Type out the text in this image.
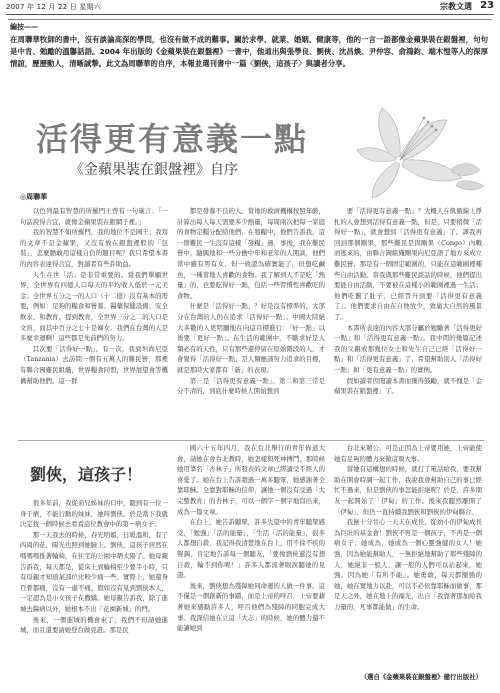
2007 年 12 月 22 日 星期六	宗教文選 23
編按——
在周聯華牧師的書中，沒有談論高深的學問，也沒有做不成的難事。關於求學、就業、婚姻、健康等，他的一言一語都像金蘋果裝在銀盤裡，句句是中肯、勉勵的溫馨話語。2004 年出版的《金蘋果裝在銀盤裡》一書中，他道出與張學良、劉俠、沈昌煥、尹仲容、俞鴻鈞、端木愷等人的深厚情誼，歷歷動人，清晰誠摯。此文為周聯華的自序，本報並選刊書中一篇〈劉俠，這孩子〉與讀者分享。
活得更有意義一點
《金蘋果裝在銀盤裡》自序
◎周聯華

以色列最有智慧的所羅門王曾有一句箴言：「一句話說得合宜，就像金蘋果裝在銀網子裡。」

我的智慧不如所羅門，我的地位不是國王；我寫的文章不是金蘋果，又沒有放在銀盤裡般的「包裝」，怎麼膽敢用這樣自負的題目呢？我只希望本書的內容表達得合宜，對讀者有些許助益。

人生在世「活」是非常重要的。當我們單顧世界，全世界有四億人口每天的平均收入低於一元美金；全世界五分之一的人口（十二億）沒有基本的需要，例如：足夠的糧食和營養、醫藥保健設備、安全飲水、和教育。提到教育，全世界三分之二的人口是文盲，而其中百分之七十是婦女。我們在台灣的人是多麼幸運啊！這些都是先前們的努力。

其次要「活得好一點」。有一次，我到坦尚尼亞（Tanzania）去訪問一個有五萬人的難民營，那裡有聯合國難民組織，世界糧食同盟，世界展望會等機構幫助他們。這一群

都是發養不良的人。當地的救濟機構按照年齡，計算出每人每天需要多少熱量，每周兩次把每一家庭的食物定糧分配給他們，在發糧中，他們告訴我，這一群難民一生沒有這樣「發糧」過，事後，我在難民營中，隨興地和一些分擔中年和老年的人閒談，他們當中雖有男有女，但一致認為確實能了，但想吃鹹魚，一種當地人喜歡的食物。我了解到人不是吃「熱量」的，也要吃得好一點，包括一些習慣性喜歡吃的食物。

什麼是「活得好一點」？好是沒有標準的，大部分在台灣的人仍在追求「活得好一點」；中國大陸絕大多數的人更明顯地在向這目標進行：「好一點」以後要「更好一點」。在生活的範圍中，不斷求好是人類必有的天性，只有那些還停留在原始階段的人，才會覺得「活得好一點」是人類應該努力追求的目標，就是那時大家都有「新」的表現。

第三是「活得更有意義一點」。第二和第三常是分不清的，到底什麼時候人開始想到

要「活得更有意義一點」？大概人在飢餓線上掙扎的人會想到活得有意義一點，但是，只要稍微「活得好一點」，就會想到「活得更有意義」了。譯我再回到那個剛果，那些難民是因剛果（Congo）內戰而逃來的，由聯合國組織剛果向尼亞語了地方來成立難民營；那是有一個固定範圍的，只能在這範圍裡種些自由活動。當我與那些難民談話的時候，他們提出要能自由活動，不要被在這樣小的範圍裡過一生活；他們吃飽了肚子，已經晉升到要「活得更有意義了」。他們要求自由在自他放少，致廣大自然的風景了。

本書所表達的內容大部分屬於勉勵著「活得更好一點」和「活得更有意義一點」。我中間的幾篇記述我的父親或那幾位女士和先生自己已經「活得好一點」和「活得更有意義」了，希望幫助別人「活得好一點」和「更有意義一點」的實例。

假如讀者因閱讀本書而獲得鼓勵，就不愧是「金蘋果裝在銀盤裡」了。

劉俠，這孩子！

很多年前，我從弟兄姊妹的口中，聽到有一位一身千瘡，不能行動的妹妹，她叫劉俠。於是當下我就決定找一個時候去看看這位教會中的第一病女子。

那一天我去的時候，春光明媚，日暖溫和，有了四周的花，陽光也照到她臉上。劉俠，這孩子居然在嗎嗎嗎推著輪椅，在住宅的公園中晒太陽了。她母親告訴我，每天都是，從床上到輪椅至少要半小時，只有母親才知道某部位比較少痛一些。實際上，她還身百骨都痛，沒有一處不痛。假如沒有見到劉俠本人，一定認為是小女孩子在撒嬌。她母親告訴我，除了進城去醫病以外，她根本不出「花園新城」的門。

後來，一個進城的機會來了，我們不但請她進城，而且還要請她登台做見證。那是民

國六十五年四月，我在台北舉行的青年佈道大會，請她在會台北教時，她怎樣與死神搏鬥，那時候她用筆名「杏林子」所發表的文章已經讀受不經人的喜愛了。她在台上告訴超過一萬多聽眾，她感謝著全靠耶穌。全靠對耶穌的信仰，讓她一個沒有受過「大完整教育」的杏林子，可以一個字一個字地寫出來，成為一篇文章。

在台上，她告訴聽眾，許多失望中的青年聽眾感受，「勉強」「活的能量」，「生活「活的能量」，很多人都想自殺，我記得我清楚地在台上，用不徐不疾的聲調，肯定地告訴每一個聽友，「要像劉俠還沒有想自殺，輪不到你呢！」許多人都流著眼淚聽她的見證。

後來，劉俠想為殘障她同命運的人做一件事。這不僅是一個創新的事蹟，而是上帝的呼召，上帝要藉著她來感動許多人，呼召他們為殘障的同胞完成大事。我深信她在立這「大志」的時候，她的體力還不能讓她到

台北來辦公，可是正因為上帝要用她，上帝能使她有足夠的體力來做這項大事。

當她有這構想的時候，就打了電話給我，要我幫助在開會時調一起工作，我說我會幫助自己的事已經忙不過來，但是劉俠的事怎能拒絕呢？於是，許多朋友一起開始了「伊甸」的工作。後來我聽然離開了「伊甸」，但仍一直持續我劉俠和劉俠的伊甸聯合。

我倒十分甘心一天天在成長，從幼小的伊甸成長為巨壯的基金會！劉俠不再是一個孩子，不再是一個病女子；她成為，她成為一個心靈強健的女人！她強，因為她能幫助人，一無拒絕地幫助了那些殘障的人，她絕非一般人，讓一般的人們可以站起來，她強，因為她「有所不能」。她勇敢，每天都額強的她，她在實地力以赴，可以不必依靠耶穌而做事，那是天之外，她在地上的福光，出自「我靠著那加給我力量的，凡事都能做」的生命。

（選自《金蘋果裝在銀盤裡》健行出版社）
